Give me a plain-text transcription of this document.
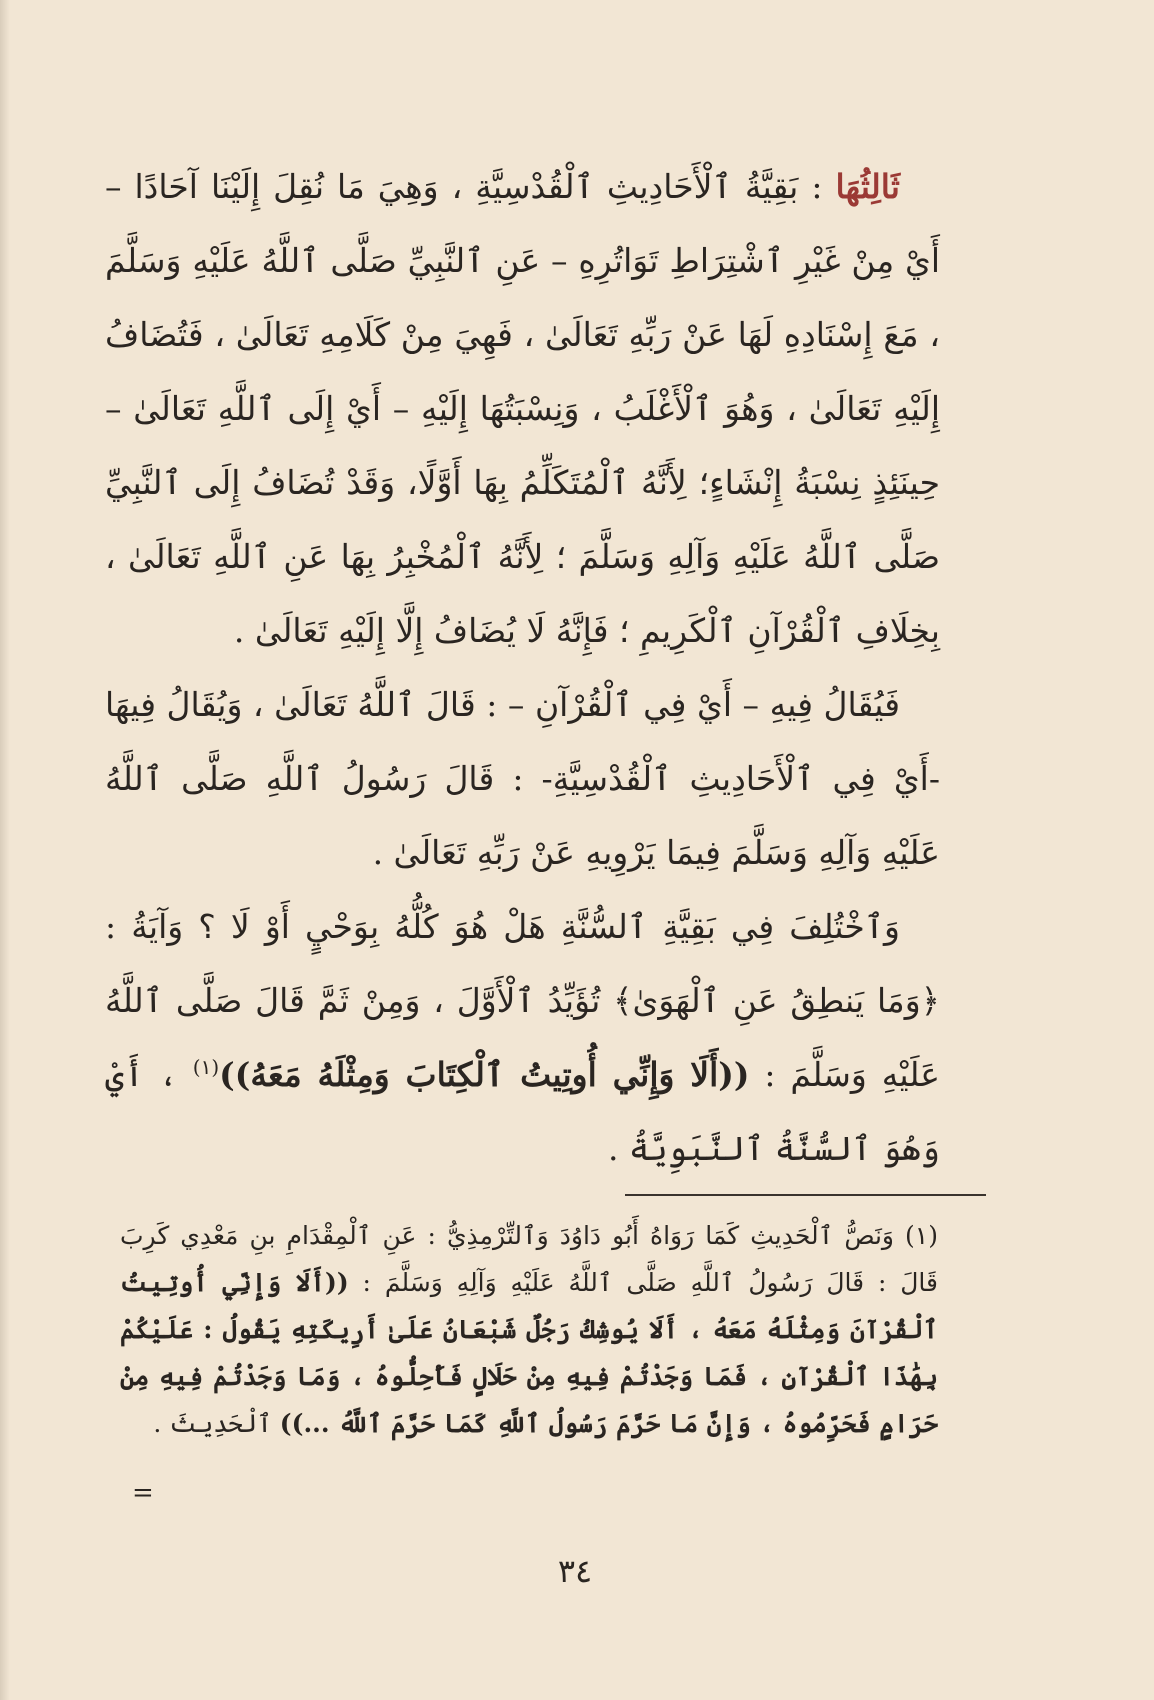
ثَالِثُهَا : بَقِيَّةُ ٱلْأَحَادِيثِ ٱلْقُدْسِيَّةِ ، وَهِيَ مَا نُقِلَ إِلَيْنَا آحَادًا – أَيْ مِنْ غَيْرِ ٱشْتِرَاطِ تَوَاتُرِهِ – عَنِ ٱلنَّبِيِّ صَلَّى ٱللَّهُ عَلَيْهِ وَسَلَّمَ ، مَعَ إِسْنَادِهِ لَهَا عَنْ رَبِّهِ تَعَالَىٰ ، فَهِيَ مِنْ كَلَامِهِ تَعَالَىٰ ، فَتُضَافُ إِلَيْهِ تَعَالَىٰ ، وَهُوَ ٱلْأَغْلَبُ ، وَنِسْبَتُهَا إِلَيْهِ – أَيْ إِلَى ٱللَّهِ تَعَالَىٰ – حِينَئِذٍ نِسْبَةُ إِنْشَاءٍ؛ لِأَنَّهُ ٱلْمُتَكَلِّمُ بِهَا أَوَّلًا، وَقَدْ تُضَافُ إِلَى ٱلنَّبِيِّ صَلَّى ٱللَّهُ عَلَيْهِ وَآلِهِ وَسَلَّمَ ؛ لِأَنَّهُ ٱلْمُخْبِرُ بِهَا عَنِ ٱللَّهِ تَعَالَىٰ ، بِخِلَافِ ٱلْقُرْآنِ ٱلْكَرِيمِ ؛ فَإِنَّهُ لَا يُضَافُ إِلَّا إِلَيْهِ تَعَالَىٰ .

فَيُقَالُ فِيهِ – أَيْ فِي ٱلْقُرْآنِ – : قَالَ ٱللَّهُ تَعَالَىٰ ، وَيُقَالُ فِيهَا -أَيْ فِي ٱلْأَحَادِيثِ ٱلْقُدْسِيَّةِ- : قَالَ رَسُولُ ٱللَّهِ صَلَّى ٱللَّهُ عَلَيْهِ وَآلِهِ وَسَلَّمَ فِيمَا يَرْوِيهِ عَنْ رَبِّهِ تَعَالَىٰ .

وَٱخْتُلِفَ فِي بَقِيَّةِ ٱلسُّنَّةِ هَلْ هُوَ كُلُّهُ بِوَحْيٍ أَوْ لَا ؟ وَآيَةُ : ﴿وَمَا يَنطِقُ عَنِ ٱلْهَوَىٰ﴾ تُؤَيِّدُ ٱلْأَوَّلَ ، وَمِنْ ثَمَّ قَالَ صَلَّى ٱللَّهُ عَلَيْهِ وَسَلَّمَ : ((أَلَا وَإِنِّي أُوتِيتُ ٱلْكِتَابَ وَمِثْلَهُ مَعَهُ))$^{(١)}$ ، أَيْ وَهُوَ ٱلسُّنَّةُ ٱلنَّبَوِيَّةُ .

(١) وَنَصُّ ٱلْحَدِيثِ كَمَا رَوَاهُ أَبُو دَاوُدَ وَٱلتِّرْمِذِيُّ : عَنِ ٱلْمِقْدَامِ بنِ مَعْدِي كَرِبَ قَالَ : قَالَ رَسُولُ ٱللَّهِ صَلَّى ٱللَّهُ عَلَيْهِ وَآلِهِ وَسَلَّمَ : ((أَلَا وَإِنِّي أُوتِيتُ ٱلْقُرْآنَ وَمِثْلَهُ مَعَهُ ، أَلَا يُوشِكُ رَجُلٌ شَبْعَانُ عَلَىٰ أَرِيكَتِهِ يَقُولُ : عَلَيْكُمْ بِهَٰذَا ٱلْقُرْآنِ ، فَمَا وَجَدْتُمْ فِيهِ مِنْ حَلَالٍ فَأَحِلُّوهُ ، وَمَا وَجَدْتُمْ فِيهِ مِنْ حَرَامٍ فَحَرِّمُوهُ ، وَإِنَّ مَا حَرَّمَ رَسُولُ ٱللَّهِ كَمَا حَرَّمَ ٱللَّهُ ...)) ٱلْحَدِيثَ .

=
٣٤
